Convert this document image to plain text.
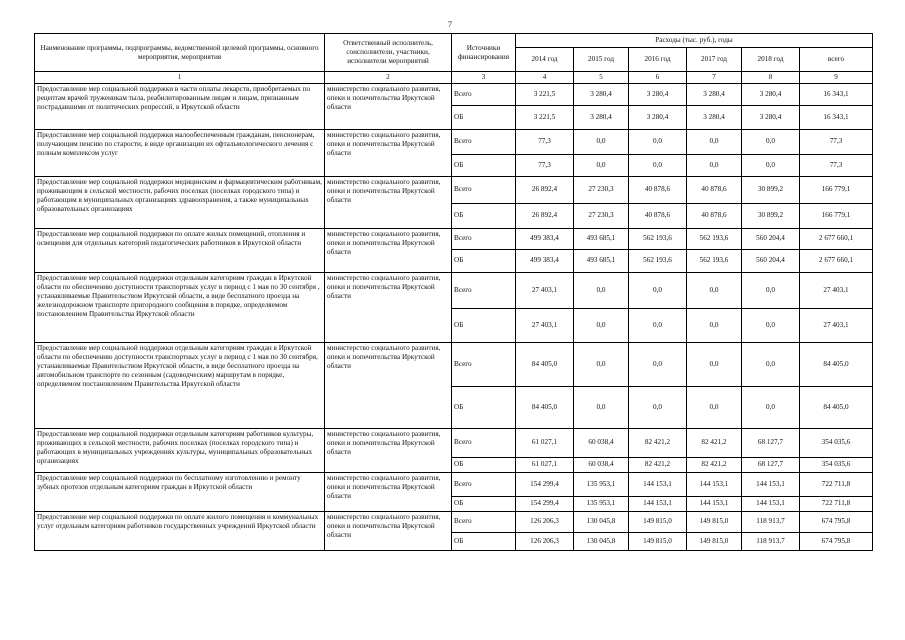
7
Наименование программы, подпрограммы, ведомственной целевой программы, основного мероприятия, мероприятия	Ответственный исполнитель, соисполнители, участники, исполнители мероприятий	Источники финансирования	Расходы (тыс. руб.), годы					
			2014 год	2015 год	2016 год	2017 год	2018 год	всего
1	2	3	4	5	6	7	8	9
Предоставление мер социальной поддержки в части оплаты лекарств, приобретаемых по рецептам врачей труженикам тыла, реабилитированным лицам и лицам, признанным пострадавшими от политических репрессий, в Иркутской области	министерство социального развития, опеки и попечительства Иркутской области	Всего	3 221,5	3 280,4	3 280,4	3 280,4	3 280,4	16 343,1
		ОБ	3 221,5	3 280,4	3 280,4	3 280,4	3 280,4	16 343,1
Предоставление мер социальной поддержки малообеспеченным гражданам, пенсионерам, получающим пенсию по старости, в виде организации их офтальмологического лечения с полным комплексом услуг	министерство социального развития, опеки и попечительства Иркутской области	Всего	77,3	0,0	0,0	0,0	0,0	77,3
		ОБ	77,3	0,0	0,0	0,0	0,0	77,3
Предоставление мер социальной поддержки медицинским и фармацевтическим работникам, проживающим в сельской местности, рабочих поселках (поселках городского типа) и работающим в муниципальных организациях здравоохранения, а также муниципальных образовательных организациях	министерство социального развития, опеки и попечительства Иркутской области	Всего	26 892,4	27 230,3	40 878,6	40 878,6	30 899,2	166 779,1
		ОБ	26 892,4	27 230,3	40 878,6	40 878,6	30 899,2	166 779,1
Предоставление мер социальной поддержки по оплате жилых помещений, отопления и освещения для отдельных категорий педагогических работников в Иркутской области	министерство социального развития, опеки и попечительства Иркутской области	Всего	499 383,4	493 685,1	562 193,6	562 193,6	560 204,4	2 677 660,1
		ОБ	499 383,4	493 685,1	562 193,6	562 193,6	560 204,4	2 677 660,1
Предоставление мер социальной поддержки отдельным категориям граждан в Иркутской области по обеспечению доступности транспортных услуг в период с 1 мая по 30 сентября , устанавливаемые Правительством Иркутской области, в виде бесплатного проезда на железнодорожном транспорте пригородного сообщения в порядке, определяемом постановлением Правительства Иркутской области	министерство социального развития, опеки и попечительства Иркутской области	Всего	27 403,1	0,0	0,0	0,0	0,0	27 403,1
		ОБ	27 403,1	0,0	0,0	0,0	0,0	27 403,1
Предоставление мер социальной поддержки отдельным категориям граждан в Иркутской области по обеспечению доступности транспортных услуг в период с 1 мая по 30 сентября, устанавливаемые Правительством Иркутской области, в виде бесплатного проезда на автомобильном транспорте по сезонным (садоводческим) маршрутам в порядке, определяемом постановлением Правительства Иркутской области	министерство социального развития, опеки и попечительства Иркутской области	Всего	84 405,0	0,0	0,0	0,0	0,0	84 405,0
		ОБ	84 405,0	0,0	0,0	0,0	0,0	84 405,0
Предоставление мер социальной поддержки отдельным категориям работников культуры, проживающих в сельской местности, рабочих поселках (поселках городского типа) и работающих в муниципальных учреждениях культуры, муниципальных образовательных организациях	министерство социального развития, опеки и попечительства Иркутской области	Всего	61 027,1	60 038,4	82 421,2	82 421,2	68 127,7	354 035,6
		ОБ	61 027,1	60 038,4	82 421,2	82 421,2	68 127,7	354 035,6
Предоставление мер социальной поддержки по бесплатному изготовлению и ремонту зубных протезов отдельным категориям граждан в Иркутской области	министерство социального развития, опеки и попечительства Иркутской области	Всего	154 299,4	135 953,1	144 153,1	144 153,1	144 153,1	722 711,8
		ОБ	154 299,4	135 953,1	144 153,1	144 153,1	144 153,1	722 711,8
Предоставление мер социальной поддержки по оплате жилого помещения и коммунальных услуг отдельным категориям работников государственных учреждений Иркутской области	министерство социального развития, опеки и попечительства Иркутской области	Всего	126 206,3	130 045,8	149 815,0	149 815,0	118 913,7	674 795,8
		ОБ	126 206,3	130 045,8	149 815,0	149 815,0	118 913,7	674 795,8
